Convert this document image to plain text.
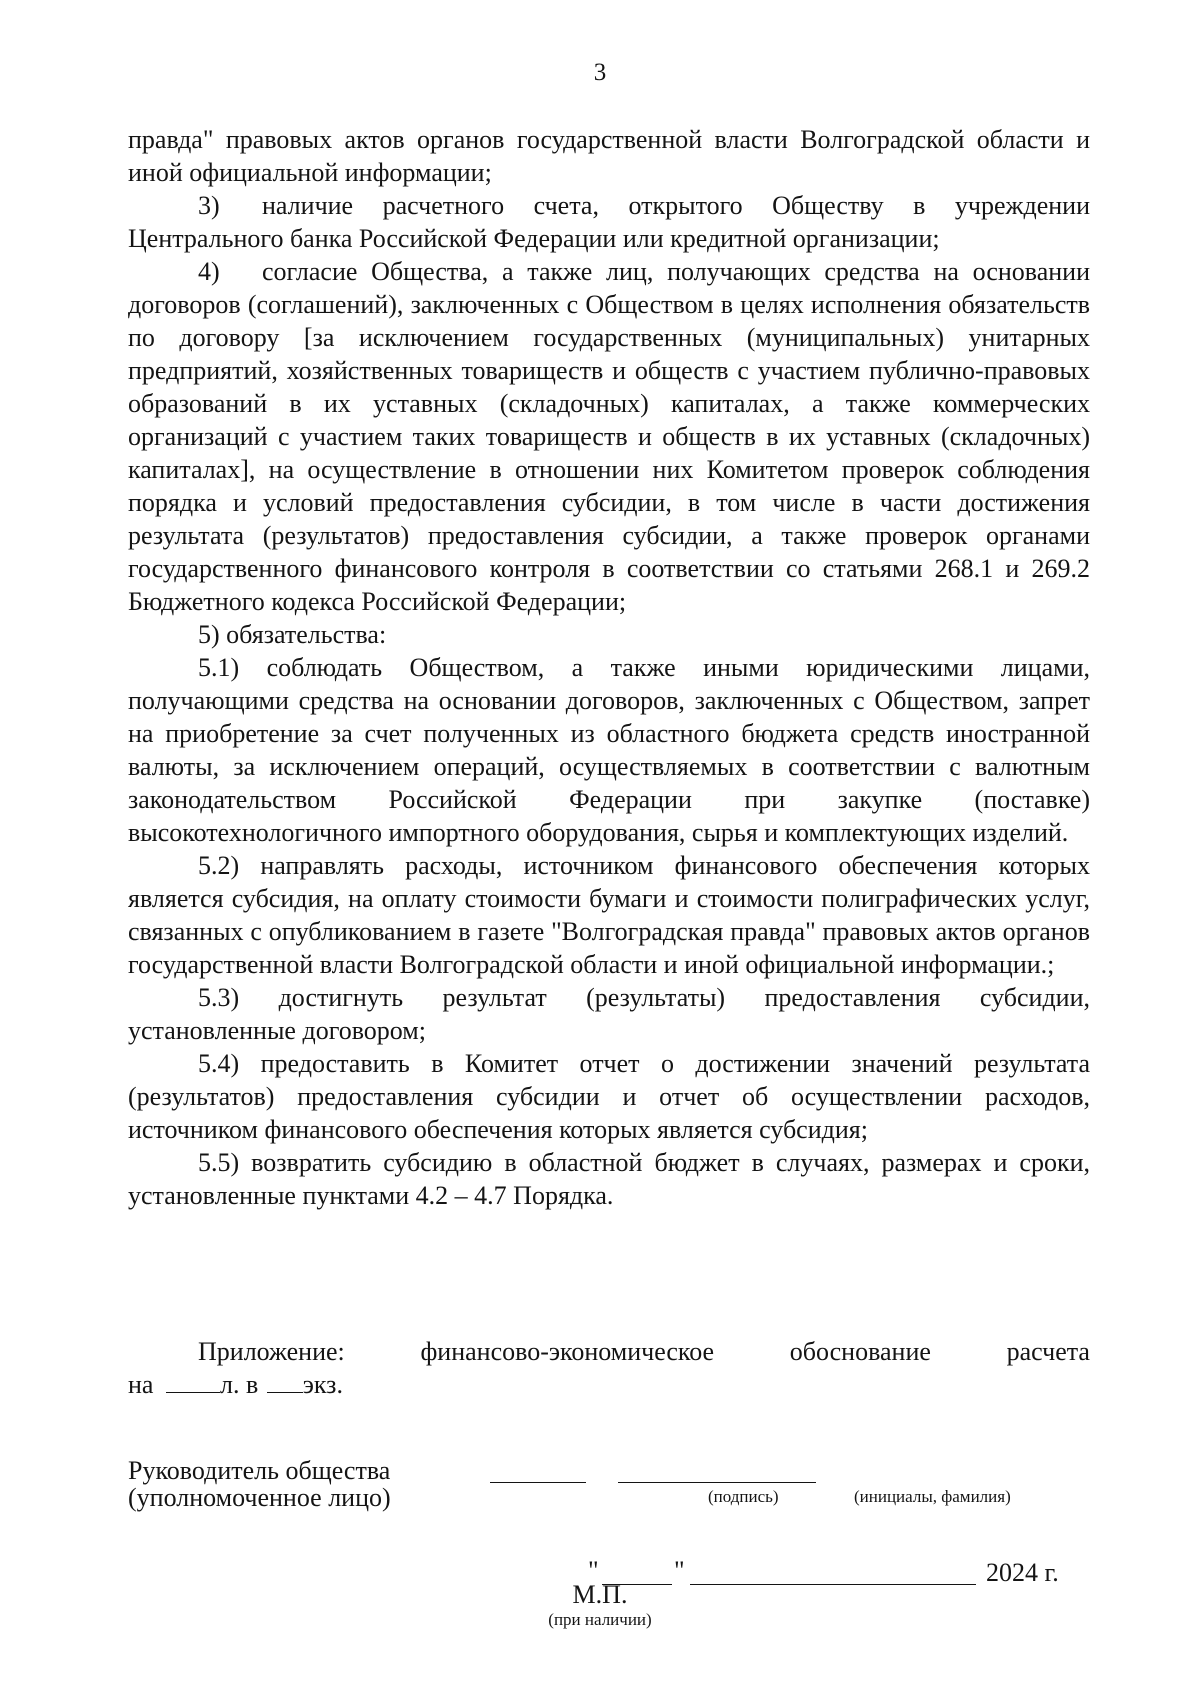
3

правда" правовых актов органов государственной власти Волгоградской области и иной официальной информации;

3) наличие расчетного счета, открытого Обществу в учреждении Центрального банка Российской Федерации или кредитной организации;

4) согласие Общества, а также лиц, получающих средства на основании договоров (соглашений), заключенных с Обществом в целях исполнения обязательств по договору [за исключением государственных (муниципальных) унитарных предприятий, хозяйственных товариществ и обществ с участием публично-правовых образований в их уставных (складочных) капиталах, а также коммерческих организаций с участием таких товариществ и обществ в их уставных (складочных) капиталах], на осуществление в отношении них Комитетом проверок соблюдения порядка и условий предоставления субсидии, в том числе в части достижения результата (результатов) предоставления субсидии, а также проверок органами государственного финансового контроля в соответствии со статьями 268.1 и 269.2 Бюджетного кодекса Российской Федерации;

5) обязательства:

5.1) соблюдать Обществом, а также иными юридическими лицами, получающими средства на основании договоров, заключенных с Обществом, запрет на приобретение за счет полученных из областного бюджета средств иностранной валюты, за исключением операций, осуществляемых в соответствии с валютным законодательством Российской Федерации при закупке (поставке) высокотехнологичного импортного оборудования, сырья и комплектующих изделий.

5.2) направлять расходы, источником финансового обеспечения которых является субсидия, на оплату стоимости бумаги и стоимости полиграфических услуг, связанных с опубликованием в газете "Волгоградская правда" правовых актов органов государственной власти Волгоградской области и иной официальной информации.;

5.3) достигнуть результат (результаты) предоставления субсидии, установленные договором;

5.4) предоставить в Комитет отчет о достижении значений результата (результатов) предоставления субсидии и отчет об осуществлении расходов, источником финансового обеспечения которых является субсидия;

5.5) возвратить субсидию в областной бюджет в случаях, размерах и сроки, установленные пунктами 4.2 – 4.7 Порядка.

Приложение:	финансово-экономическое	обоснование	расчета
на	л. в экз.
Руководитель общества
(уполномоченное лицо)	(подпись)	(инициалы, фамилия)
"	"	2024 г.
М.П.
(при наличии)
